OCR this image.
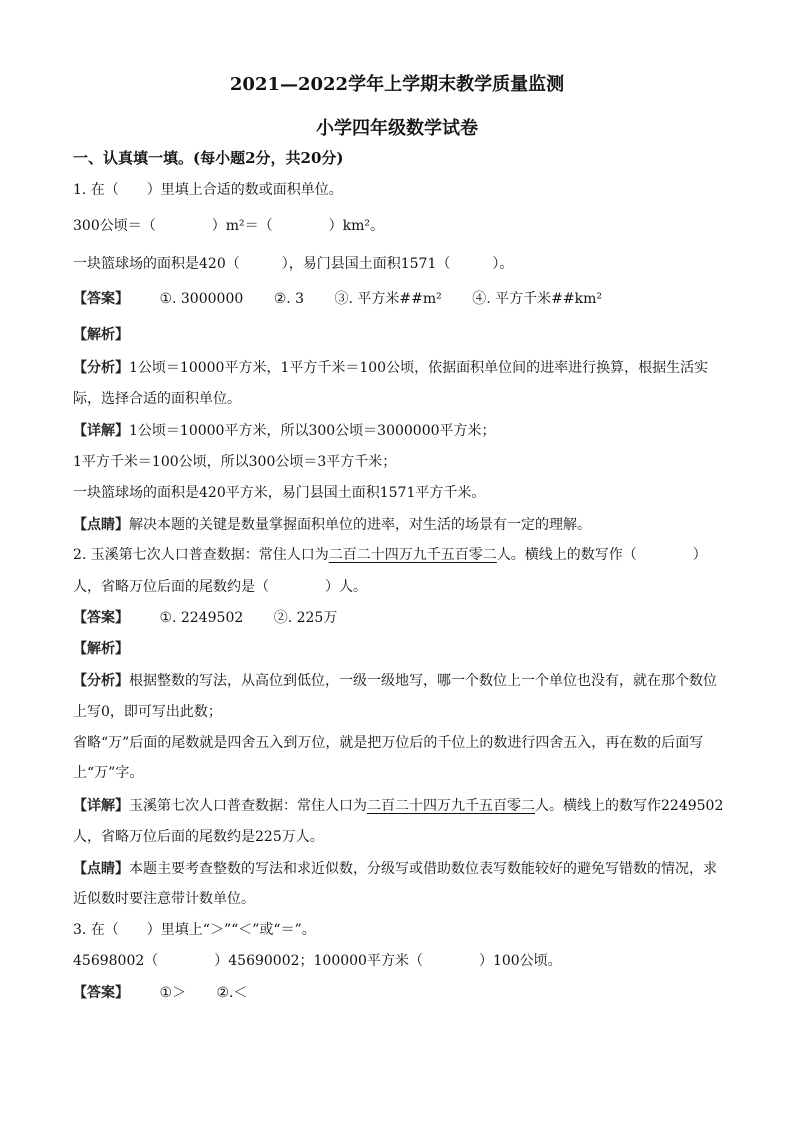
2021—2022学年上学期末教学质量监测
小学四年级数学试卷
一、认真填一填。(每小题2分，共20分)
1. 在（　　）里填上合适的数或面积单位。
300公顷＝（　　　　）m²＝（　　　　）km²。
一块篮球场的面积是420（　　　），易门县国土面积1571（　　　）。
【答案】 ①. 3000000 ②. 3 ③. 平方米##m² ④. 平方千米##km²
【解析】
【分析】1公顷＝10000平方米，1平方千米＝100公顷，依据面积单位间的进率进行换算，根据生活实
际，选择合适的面积单位。
【详解】1公顷＝10000平方米，所以300公顷＝3000000平方米；
1平方千米＝100公顷，所以300公顷＝3平方千米；
一块篮球场的面积是420平方米，易门县国土面积1571平方千米。
【点睛】解决本题的关键是数量掌握面积单位的进率，对生活的场景有一定的理解。
2. 玉溪第七次人口普查数据：常住人口为二百二十四万九千五百零二人。横线上的数写作（　　　　）
人，省略万位后面的尾数约是（　　　　）人。
【答案】 ①. 2249502 ②. 225万
【解析】
【分析】根据整数的写法，从高位到低位，一级一级地写，哪一个数位上一个单位也没有，就在那个数位
上写0，即可写出此数；
省略“万”后面的尾数就是四舍五入到万位，就是把万位后的千位上的数进行四舍五入，再在数的后面写
上“万”字。
【详解】玉溪第七次人口普查数据：常住人口为二百二十四万九千五百零二人。横线上的数写作2249502
人，省略万位后面的尾数约是225万人。
【点睛】本题主要考查整数的写法和求近似数，分级写或借助数位表写数能较好的避免写错数的情况，求
近似数时要注意带计数单位。
3. 在（　　）里填上“＞”“＜”或“＝”。
45698002（　　　　）45690002；100000平方米（　　　　）100公顷。
【答案】 ①＞ ②.＜
